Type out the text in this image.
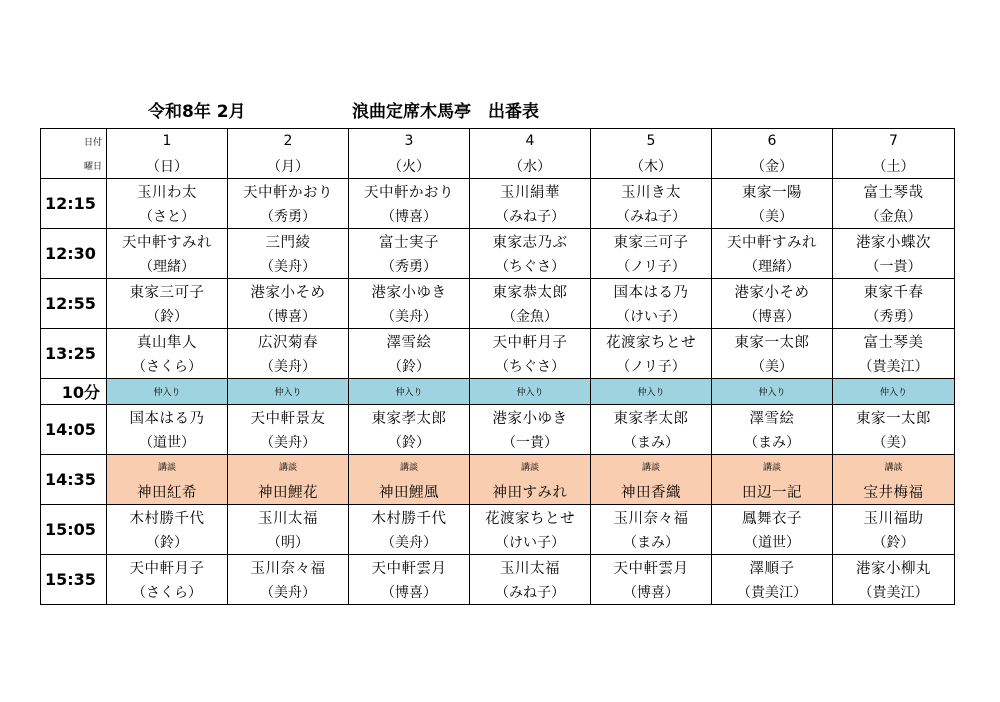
令和8年 2月	浪曲定席木馬亭　出番表
日付	1	2	3	4	5	6	7
曜日	（日）	（月）	（火）	（水）	（木）	（金）	（土）
12:15	玉川わ太	天中軒かおり	天中軒かおり	玉川絹華	玉川き太	東家一陽	富士琴哉
	（さと）	（秀勇）	（博喜）	（みね子）	（みね子）	（美）	（金魚）
12:30	天中軒すみれ	三門綾	富士実子	東家志乃ぶ	東家三可子	天中軒すみれ	港家小蝶次
	（理緒）	（美舟）	（秀勇）	（ちぐさ）	（ノリ子）	（理緒）	（一貴）
12:55	東家三可子	港家小そめ	港家小ゆき	東家恭太郎	国本はる乃	港家小そめ	東家千春
	（鈴）	（博喜）	（美舟）	（金魚）	（けい子）	（博喜）	（秀勇）
13:25	真山隼人	広沢菊春	澤雪絵	天中軒月子	花渡家ちとせ	東家一太郎	富士琴美
	（さくら）	（美舟）	（鈴）	（ちぐさ）	（ノリ子）	（美）	（貴美江）
10分	仲入り	仲入り	仲入り	仲入り	仲入り	仲入り	仲入り
14:05	国本はる乃	天中軒景友	東家孝太郎	港家小ゆき	東家孝太郎	澤雪絵	東家一太郎
	（道世）	（美舟）	（鈴）	（一貴）	（まみ）	（まみ）	（美）
14:35	講談	講談	講談	講談	講談	講談	講談
	神田紅希	神田鯉花	神田鯉風	神田すみれ	神田香織	田辺一記	宝井梅福
15:05	木村勝千代	玉川太福	木村勝千代	花渡家ちとせ	玉川奈々福	鳳舞衣子	玉川福助
	（鈴）	（明）	（美舟）	（けい子）	（まみ）	（道世）	（鈴）
15:35	天中軒月子	玉川奈々福	天中軒雲月	玉川太福	天中軒雲月	澤順子	港家小柳丸
	（さくら）	（美舟）	（博喜）	（みね子）	（博喜）	（貴美江）	（貴美江）
